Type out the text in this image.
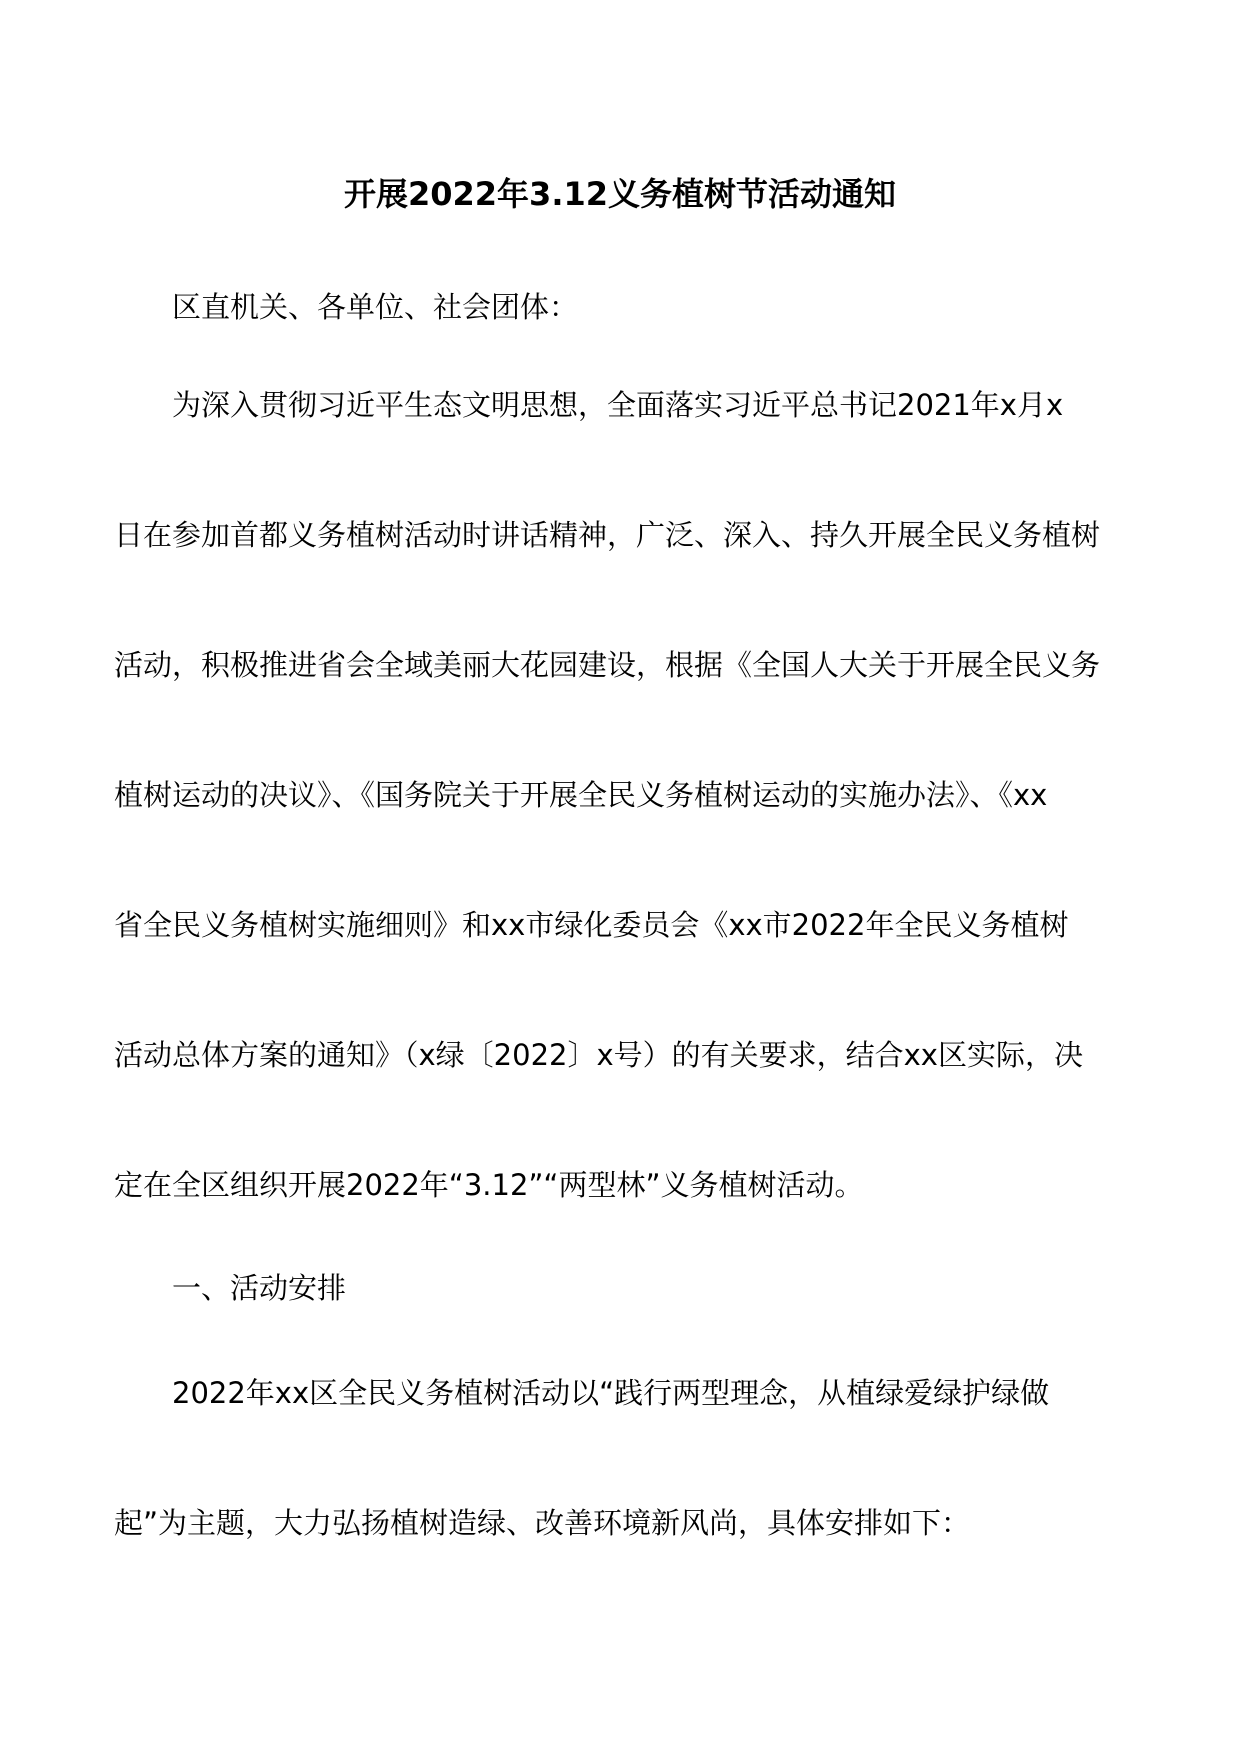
开展2022年3.12义务植树节活动通知
区直机关、各单位、社会团体：
为深入贯彻习近平生态文明思想，全面落实习近平总书记2021年x月x
日在参加首都义务植树活动时讲话精神，广泛、深入、持久开展全民义务植树
活动，积极推进省会全域美丽大花园建设，根据《全国人大关于开展全民义务
植树运动的决议》、《国务院关于开展全民义务植树运动的实施办法》、《xx
省全民义务植树实施细则》和xx市绿化委员会《xx市2022年全民义务植树
活动总体方案的通知》（x绿〔2022〕x号）的有关要求，结合xx区实际，决
定在全区组织开展2022年“3.12”“两型林”义务植树活动。
一、活动安排
2022年xx区全民义务植树活动以“践行两型理念，从植绿爱绿护绿做
起”为主题，大力弘扬植树造绿、改善环境新风尚，具体安排如下：
